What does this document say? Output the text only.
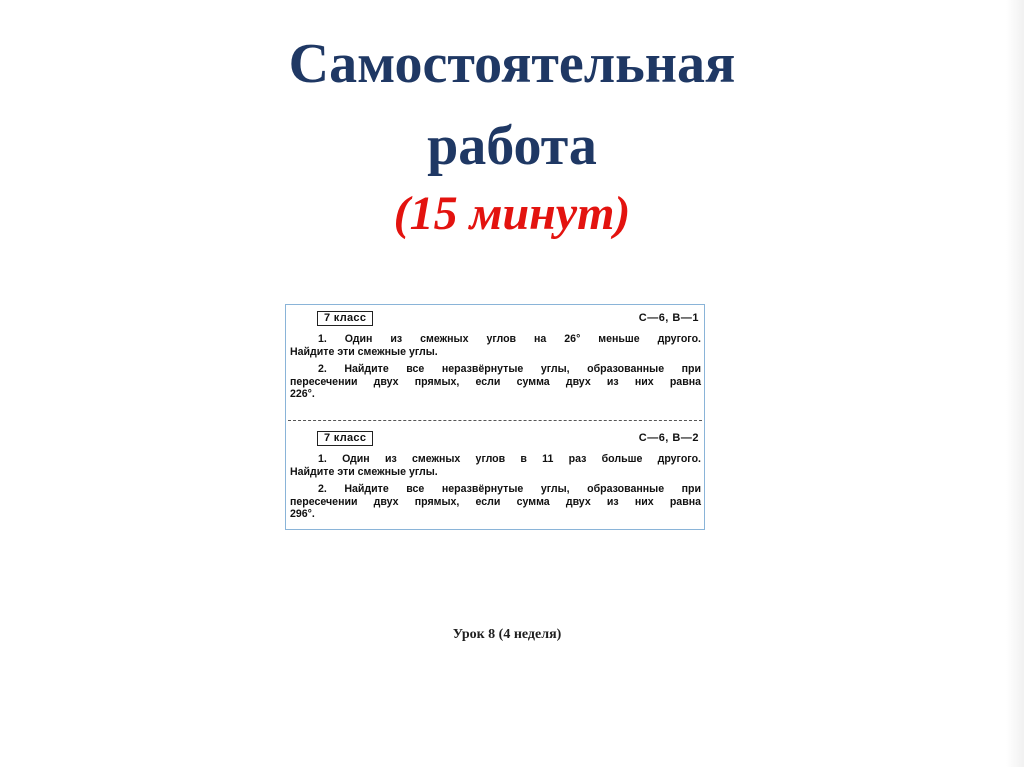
Самостоятельная
работа
(15 минут)
7 класс	С—6, В—1

1. Один из смежных углов на 26° меньше другого.
Найдите эти смежные углы.

2. Найдите все неразвёрнутые углы, образованные при
пересечении двух прямых, если сумма двух из них равна
226°.

7 класс	С—6, В—2

1. Один из смежных углов в 11 раз больше другого.
Найдите эти смежные углы.

2. Найдите все неразвёрнутые углы, образованные при
пересечении двух прямых, если сумма двух из них равна
296°.

Урок 8 (4 неделя)
